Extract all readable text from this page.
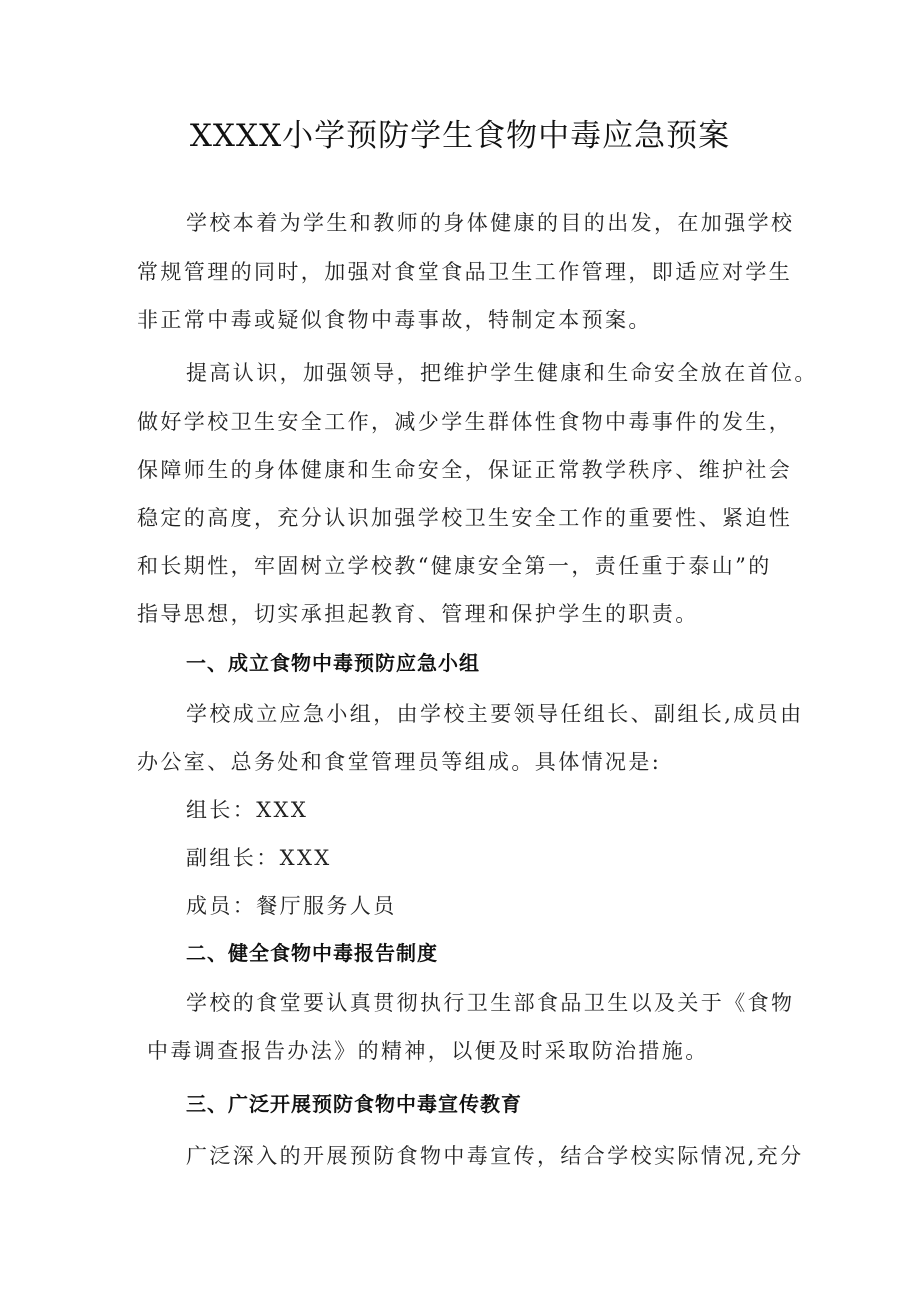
XXXX小学预防学生食物中毒应急预案
学校本着为学生和教师的身体健康的目的出发，在加强学校
常规管理的同时，加强对食堂食品卫生工作管理，即适应对学生
非正常中毒或疑似食物中毒事故，特制定本预案。
提高认识，加强领导，把维护学生健康和生命安全放在首位。
做好学校卫生安全工作，减少学生群体性食物中毒事件的发生，
保障师生的身体健康和生命安全，保证正常教学秩序、维护社会
稳定的高度，充分认识加强学校卫生安全工作的重要性、紧迫性
和长期性，牢固树立学校教“健康安全第一，责任重于泰山”的
指导思想，切实承担起教育、管理和保护学生的职责。
一、成立食物中毒预防应急小组
学校成立应急小组，由学校主要领导任组长、副组长,成员由
办公室、总务处和食堂管理员等组成。具体情况是:
组长：XXX
副组长：XXX
成员：餐厅服务人员
二、健全食物中毒报告制度
学校的食堂要认真贯彻执行卫生部食品卫生以及关于《食物
中毒调查报告办法》的精神，以便及时采取防治措施。
三、广泛开展预防食物中毒宣传教育
广泛深入的开展预防食物中毒宣传，结合学校实际情况,充分
